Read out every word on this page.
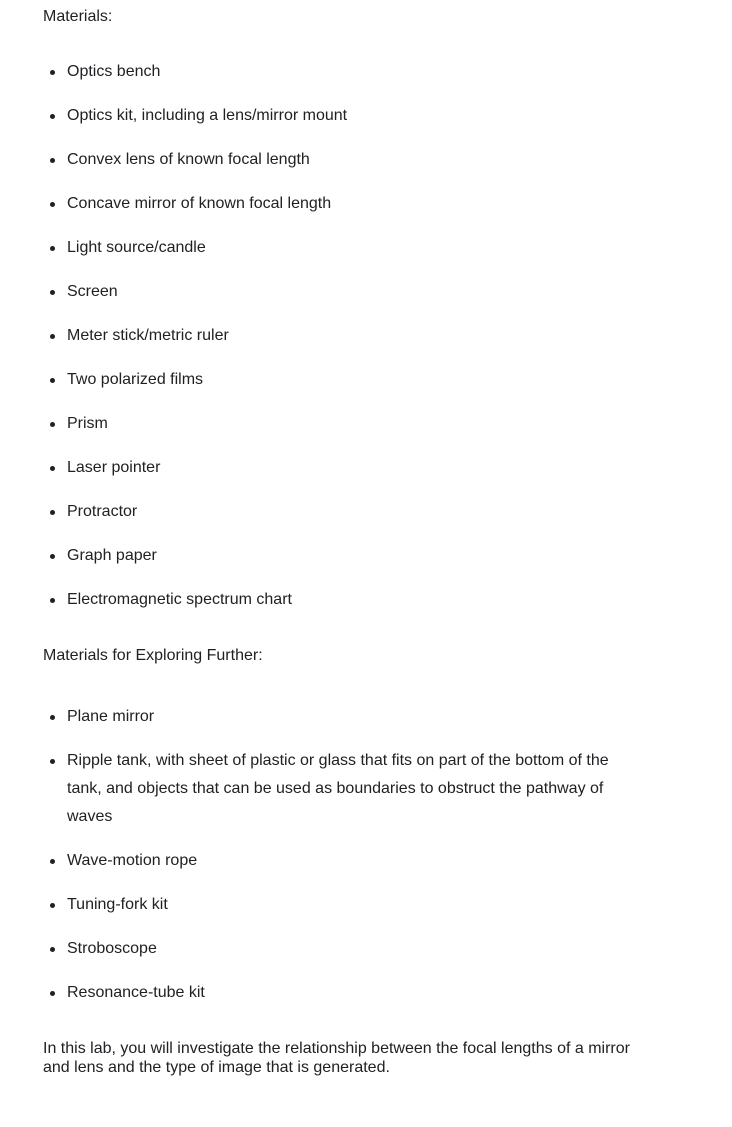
Materials:

Optics bench
Optics kit, including a lens/mirror mount
Convex lens of known focal length
Concave mirror of known focal length
Light source/candle
Screen
Meter stick/metric ruler
Two polarized films
Prism
Laser pointer
Protractor
Graph paper
Electromagnetic spectrum chart

Materials for Exploring Further:

Plane mirror
Ripple tank, with sheet of plastic or glass that fits on part of the bottom of the tank, and objects that can be used as boundaries to obstruct the pathway of waves
Wave-motion rope
Tuning-fork kit
Stroboscope
Resonance-tube kit

In this lab, you will investigate the relationship between the focal lengths of a mirror and lens and the type of image that is generated.
